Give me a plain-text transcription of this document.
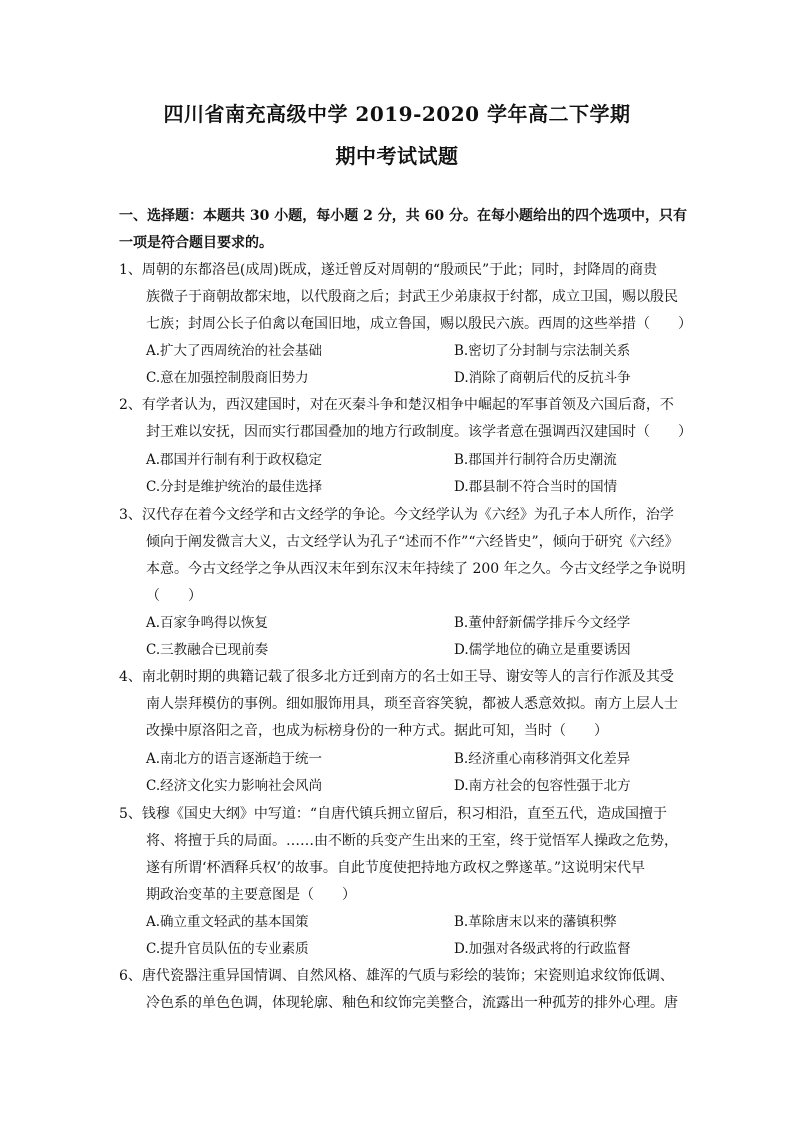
四川省南充高级中学 2019-2020 学年高二下学期
期中考试试题
一、选择题：本题共 30 小题，每小题 2 分，共 60 分。在每小题给出的四个选项中，只有
一项是符合题目要求的。
1、周朝的东都洛邑(成周)既成，遂迁曾反对周朝的“殷顽民”于此；同时，封降周的商贵
族微子于商朝故都宋地，以代殷商之后；封武王少弟康叔于纣都，成立卫国，赐以殷民
七族；封周公长子伯禽以奄国旧地，成立鲁国，赐以殷民六族。西周的这些举措（　　）
A.扩大了西周统治的社会基础	B.密切了分封制与宗法制关系
C.意在加强控制殷商旧势力	D.消除了商朝后代的反抗斗争
2、有学者认为，西汉建国时，对在灭秦斗争和楚汉相争中崛起的军事首领及六国后裔，不
封王难以安抚，因而实行郡国叠加的地方行政制度。该学者意在强调西汉建国时（　　）
A.郡国并行制有利于政权稳定	B.郡国并行制符合历史潮流
C.分封是维护统治的最佳选择	D.郡县制不符合当时的国情
3、汉代存在着今文经学和古文经学的争论。今文经学认为《六经》为孔子本人所作，治学
倾向于阐发微言大义，古文经学认为孔子“述而不作”“六经皆史”，倾向于研究《六经》
本意。今古文经学之争从西汉末年到东汉末年持续了 200 年之久。今古文经学之争说明
（　　）
A.百家争鸣得以恢复	B.董仲舒新儒学排斥今文经学
C.三教融合已现前奏	D.儒学地位的确立是重要诱因
4、南北朝时期的典籍记载了很多北方迁到南方的名士如王导、谢安等人的言行作派及其受
南人崇拜模仿的事例。细如服饰用具，琐至音容笑貌，都被人悉意效拟。南方上层人士
改操中原洛阳之音，也成为标榜身份的一种方式。据此可知，当时（　　）
A.南北方的语言逐渐趋于统一	B.经济重心南移消弭文化差异
C.经济文化实力影响社会风尚	D.南方社会的包容性强于北方
5、钱穆《国史大纲》中写道：“自唐代镇兵拥立留后，积习相沿，直至五代，造成国擅于
将、将擅于兵的局面。……由不断的兵变产生出来的王室，终于觉悟军人操政之危势，
遂有所谓‘杯酒释兵权’的故事。自此节度使把持地方政权之弊遂革。”这说明宋代早
期政治变革的主要意图是（　　）
A.确立重文轻武的基本国策	B.革除唐末以来的藩镇积弊
C.提升官员队伍的专业素质	D.加强对各级武将的行政监督
6、唐代瓷器注重异国情调、自然风格、雄浑的气质与彩绘的装饰；宋瓷则追求纹饰低调、
冷色系的单色色调，体现轮廓、釉色和纹饰完美整合，流露出一种孤芳的排外心理。唐
